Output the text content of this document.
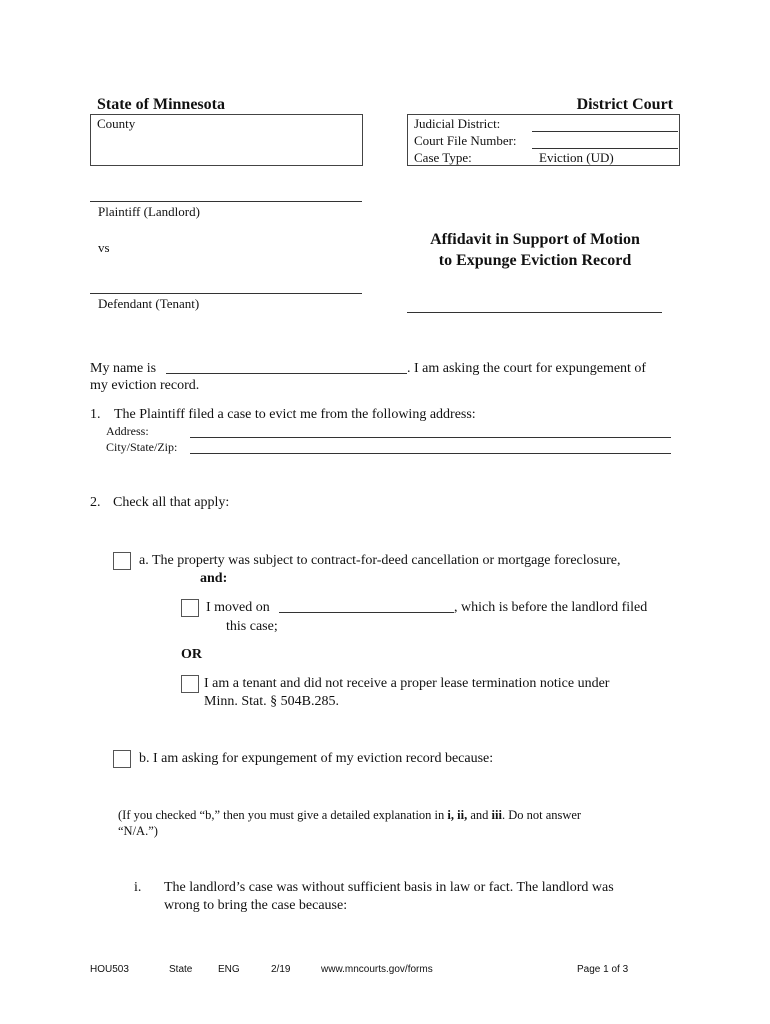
State of Minnesota	District Court
County	Judicial District:
Court File Number:
Case Type:	Eviction (UD)
Plaintiff (Landlord)
vs
Defendant (Tenant)
Affidavit in Support of Motion
to Expunge Eviction Record
My name is	. I am asking the court for expungement of
my eviction record.
1. The Plaintiff filed a case to evict me from the following address:
Address:
City/State/Zip:
2. Check all that apply:
a. The property was subject to contract-for-deed cancellation or mortgage foreclosure,
and:
I moved on	, which is before the landlord filed
this case;
OR
I am a tenant and did not receive a proper lease termination notice under
Minn. Stat. § 504B.285.
b. I am asking for expungement of my eviction record because:
(If you checked “b,” then you must give a detailed explanation in i, ii, and iii. Do not answer
“N/A.”)
i. The landlord’s case was without sufficient basis in law or fact. The landlord was
wrong to bring the case because:
HOU503	State	ENG	2/19	www.mncourts.gov/forms	Page 1 of 3
